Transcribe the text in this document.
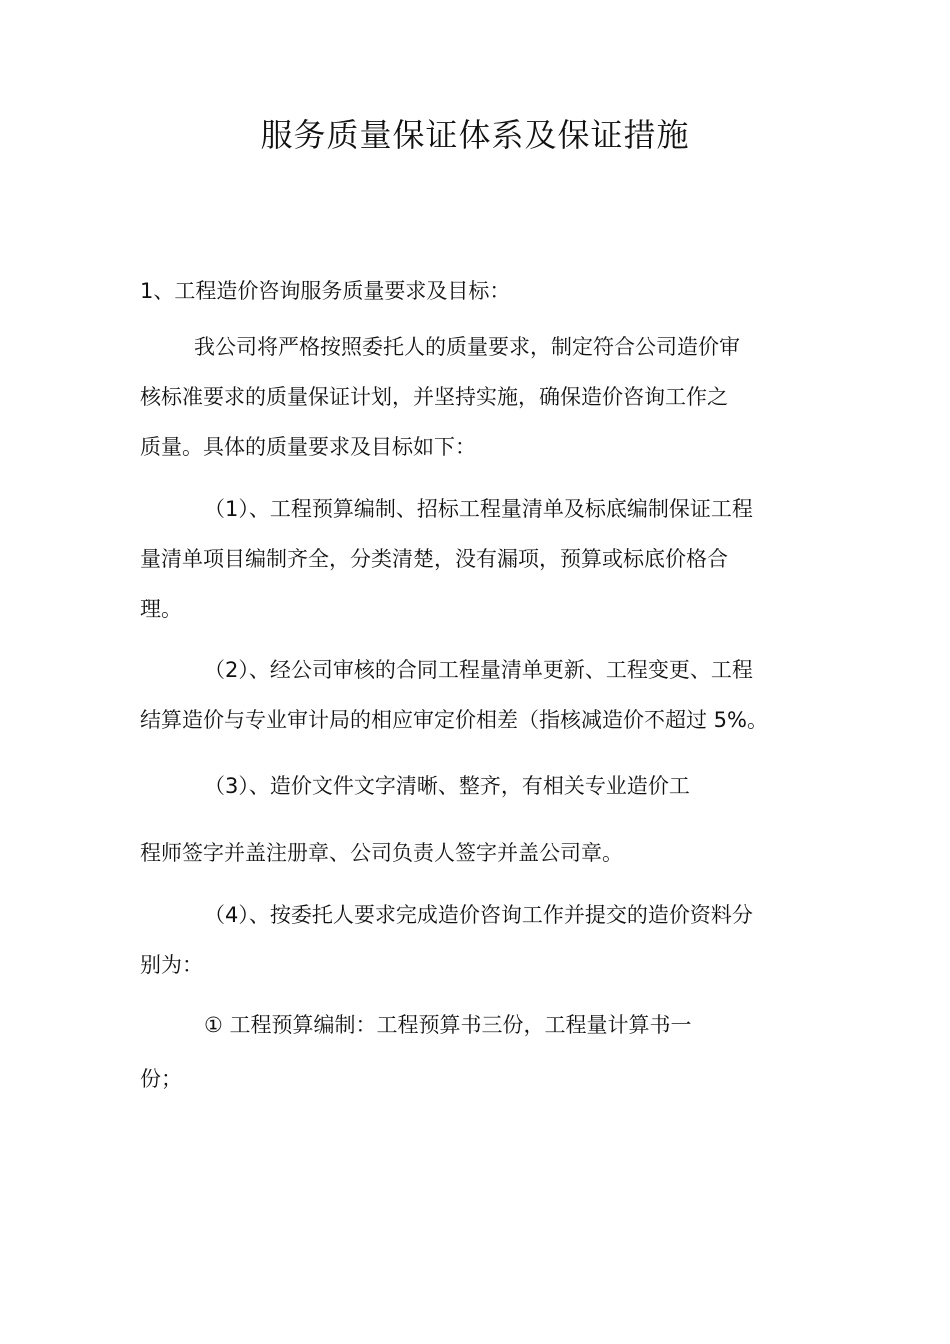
服务质量保证体系及保证措施
1、工程造价咨询服务质量要求及目标：
我公司将严格按照委托人的质量要求，制定符合公司造价审
核标准要求的质量保证计划，并坚持实施，确保造价咨询工作之
质量。具体的质量要求及目标如下：
（1）、工程预算编制、招标工程量清单及标底编制保证工程
量清单项目编制齐全，分类清楚，没有漏项，预算或标底价格合
理。
（2）、经公司审核的合同工程量清单更新、工程变更、工程
结算造价与专业审计局的相应审定价相差（指核减造价不超过 5%。
（3）、造价文件文字清晰、整齐，有相关专业造价工
程师签字并盖注册章、公司负责人签字并盖公司章。
（4）、按委托人要求完成造价咨询工作并提交的造价资料分
别为：
① 工程预算编制：工程预算书三份，工程量计算书一
份；
